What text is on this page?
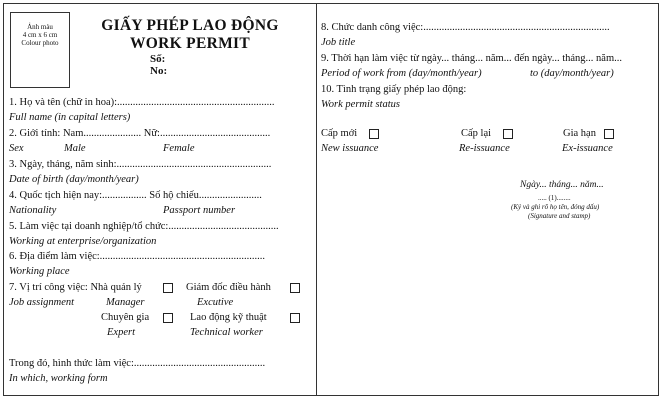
Ảnh màu
4 cm x 6 cm
Colour photo
GIẤY PHÉP LAO ĐỘNG
WORK PERMIT
Số:
No:
1. Họ và tên (chữ in hoa):............................................................
Full name (in capital letters)
2. Giới tính: Nam...................... Nữ:..........................................
Sex	Male	Female
3. Ngày, tháng, năm sinh:...........................................................
Date of birth (day/month/year)
4. Quốc tịch hiện nay:................. Số hộ chiếu........................
Nationality	Passport number
5. Làm việc tại doanh nghiệp/tổ chức:..........................................
Working at enterprise/organization
6. Địa điểm làm việc:...............................................................
Working place
7. Vị trí công việc: Nhà quản lý	Giám đốc điều hành
Job assignment	Manager	Excutive
Chuyên gia	Lao động kỹ thuật
Expert	Technical worker
Trong đó, hình thức làm việc:..................................................
In which, working form
8. Chức danh công việc:.......................................................................
Job title
9. Thời hạn làm việc từ ngày... tháng... năm... đến ngày... tháng... năm...
Period of work from (day/month/year)	to (day/month/year)
10. Tình trạng giấy phép lao động:
Work permit status
Cấp mới	Cấp lại	Gia hạn
New issuance	Re-issuance	Ex-issuance
Ngày... tháng... năm...
..... (1)........
(Ký và ghi rõ họ tên, đóng dấu)
(Signature and stamp)
